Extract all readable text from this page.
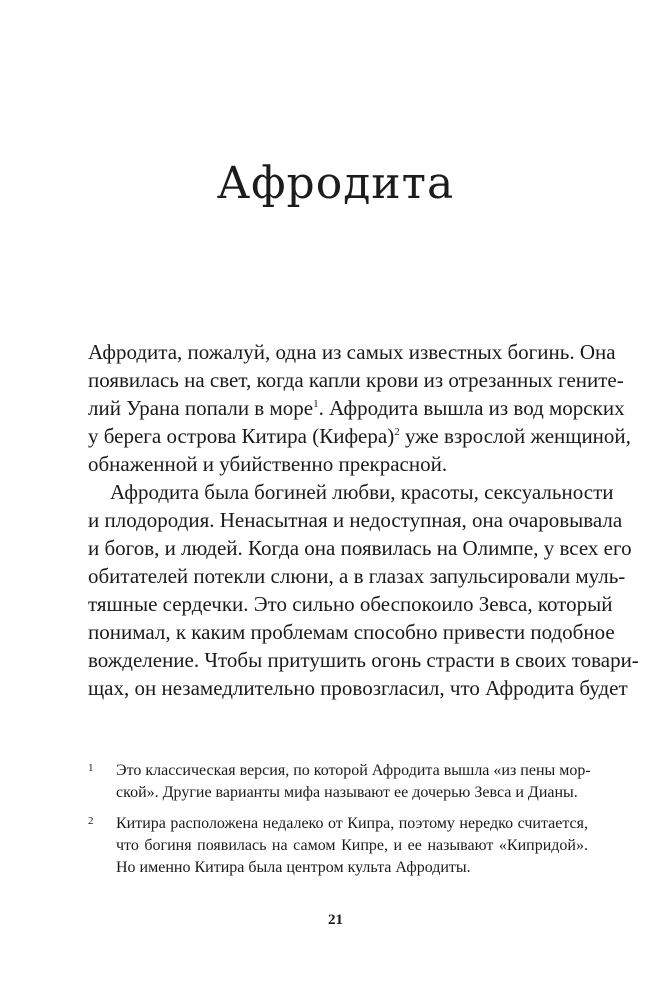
Афродита
Афродита, пожалуй, одна из самых известных богинь. Она
появилась на свет, когда капли крови из отрезанных гените-
лий Урана попали в море$^1$. Афродита вышла из вод морских
у берега острова Китира (Кифера)$^2$ уже взрослой женщиной,
обнаженной и убийственно прекрасной.
Афродита была богиней любви, красоты, сексуальности
и плодородия. Ненасытная и недоступная, она очаровывала
и богов, и людей. Когда она появилась на Олимпе, у всех его
обитателей потекли слюни, а в глазах запульсировали муль-
тяшные сердечки. Это сильно обеспокоило Зевса, который
понимал, к каким проблемам способно привести подобное
вожделение. Чтобы притушить огонь страсти в своих товари-
щах, он незамедлительно провозгласил, что Афродита будет
1 Это классическая версия, по которой Афродита вышла «из пены мор-
ской». Другие варианты мифа называют ее дочерью Зевса и Дианы.
2 Китира расположена недалеко от Кипра, поэтому нередко считается,
что богиня появилась на самом Кипре, и ее называют «Кипридой».
Но именно Китира была центром культа Афродиты.
21
